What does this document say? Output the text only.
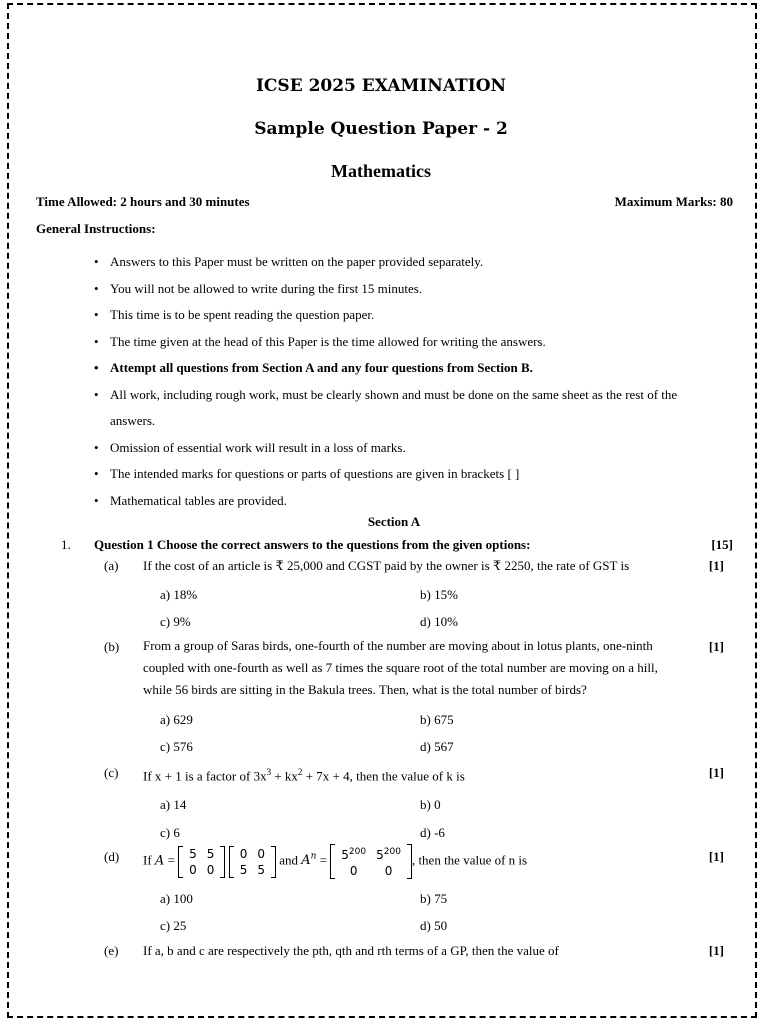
ICSE 2025 EXAMINATION
Sample Question Paper - 2
Mathematics
Time Allowed: 2 hours and 30 minutes	Maximum Marks: 80
General Instructions:
• Answers to this Paper must be written on the paper provided separately.
• You will not be allowed to write during the first 15 minutes.
• This time is to be spent reading the question paper.
• The time given at the head of this Paper is the time allowed for writing the answers.
• Attempt all questions from Section A and any four questions from Section B.
• All work, including rough work, must be clearly shown and must be done on the same sheet as the rest of the answers.
• Omission of essential work will result in a loss of marks.
• The intended marks for questions or parts of questions are given in brackets [ ]
• Mathematical tables are provided.
Section A
1. Question 1 Choose the correct answers to the questions from the given options:	[15]
(a) If the cost of an article is ₹ 25,000 and CGST paid by the owner is ₹ 2250, the rate of GST is	[1]
a) 18%	b) 15%
c) 9%	d) 10%
(b) From a group of Saras birds, one-fourth of the number are moving about in lotus plants, one-ninth coupled with one-fourth as well as 7 times the square root of the total number are moving on a hill, while 56 birds are sitting in the Bakula trees. Then, what is the total number of birds?
[1]
a) 629	b) 675
c) 576	d) 567
(c) If x + 1 is a factor of $3x^3 + kx^2 + 7x + 4$, then the value of k is	[1]
a) 14	b) 0
c) 6	d) -6
(d) If A = 5	5
0	0

0	0
5	5
and $A^n = 5^{200}$	$5^{200}$
0	0
, then the value of n is	[1]
a) 100	b) 75
c) 25	d) 50
(e) If a, b and c are respectively the pth, qth and rth terms of a GP, then the value of	[1]
